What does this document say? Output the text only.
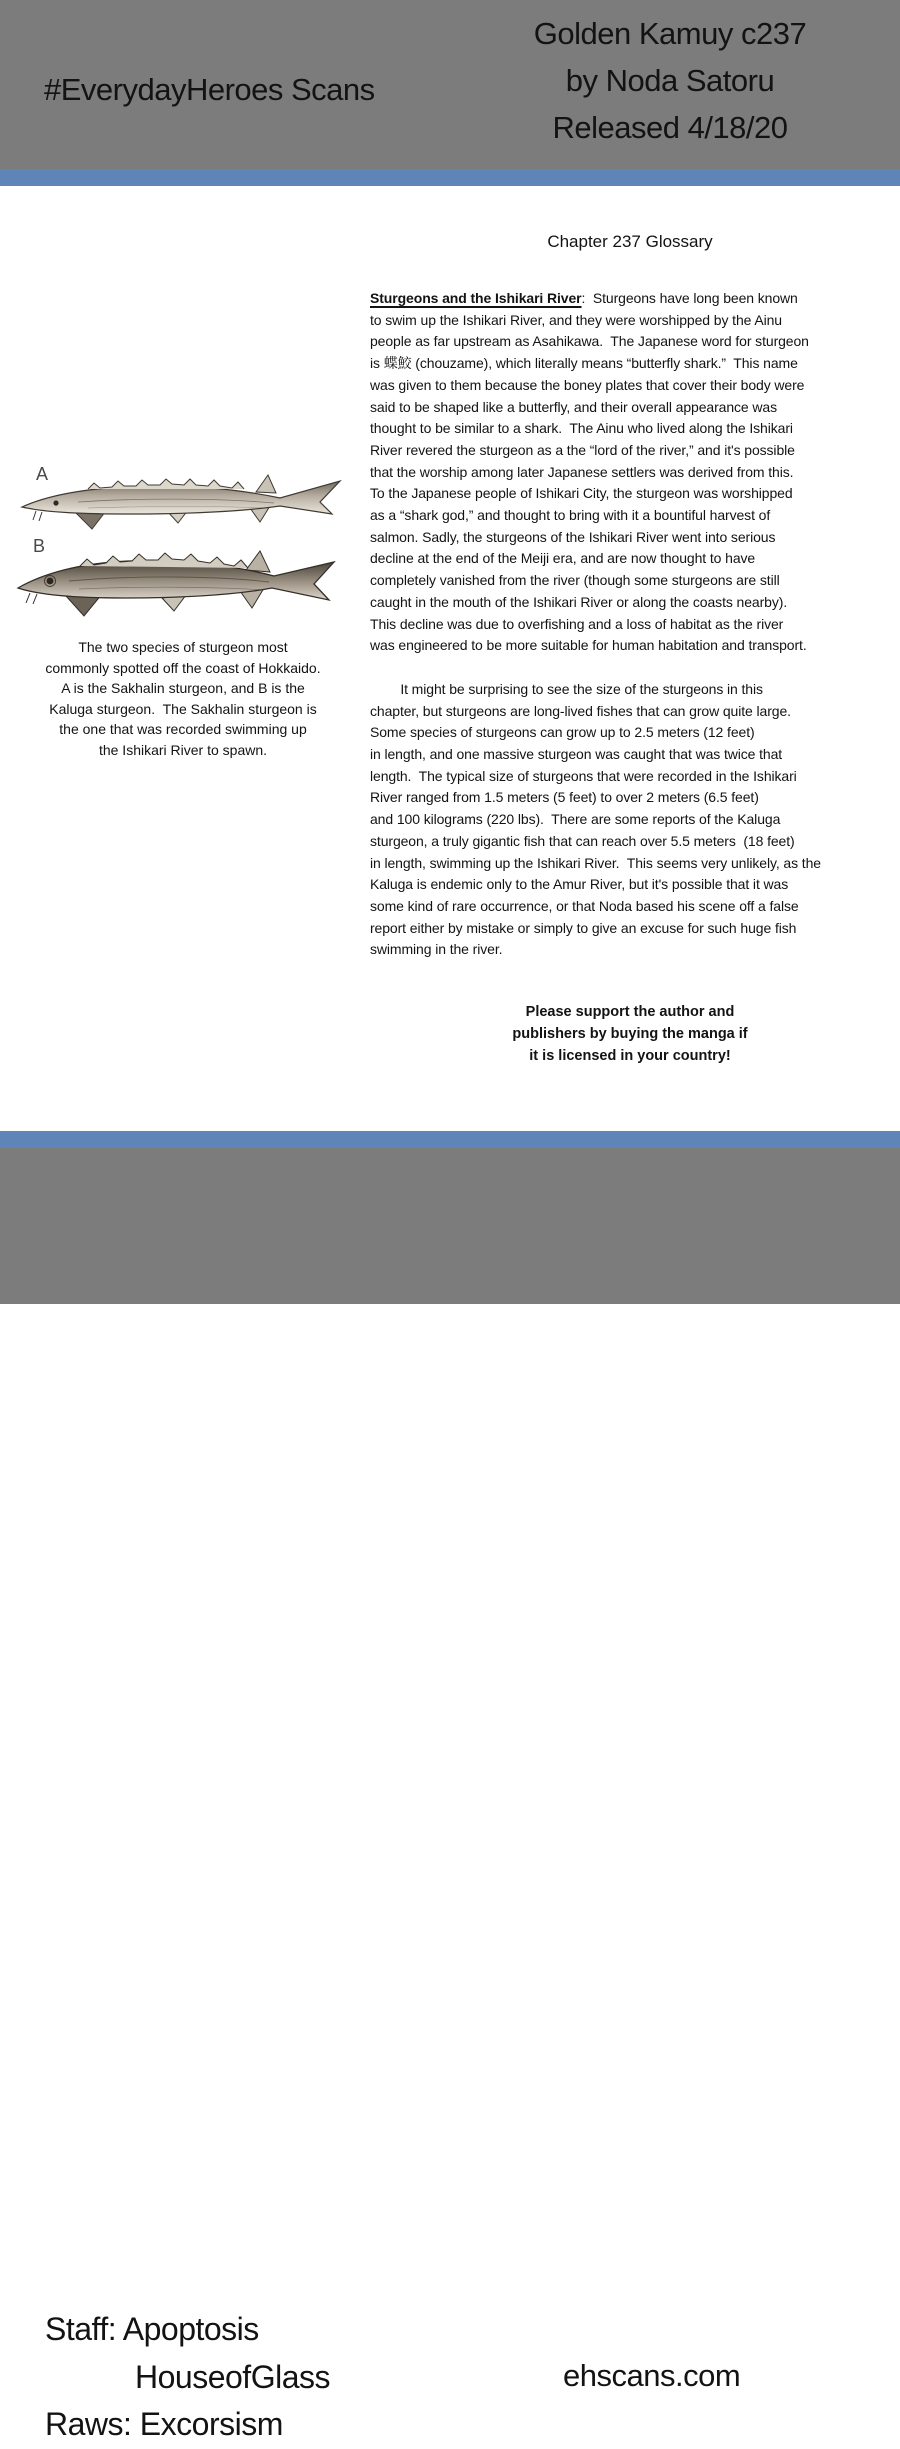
#EverydayHeroes Scans
Golden Kamuy c237
by Noda Satoru
Released 4/18/20
Chapter 237 Glossary
A
B
The two species of sturgeon most
commonly spotted off the coast of Hokkaido.
A is the Sakhalin sturgeon, and B is the
Kaluga sturgeon.  The Sakhalin sturgeon is
the one that was recorded swimming up
the Ishikari River to spawn.
Sturgeons and the Ishikari River:  Sturgeons have long been known
to swim up the Ishikari River, and they were worshipped by the Ainu
people as far upstream as Asahikawa.  The Japanese word for sturgeon
is 蝶鮫 (chouzame), which literally means “butterfly shark.”  This name
was given to them because the boney plates that cover their body were
said to be shaped like a butterfly, and their overall appearance was
thought to be similar to a shark.  The Ainu who lived along the Ishikari
River revered the sturgeon as a the “lord of the river,” and it's possible
that the worship among later Japanese settlers was derived from this.
To the Japanese people of Ishikari City, the sturgeon was worshipped
as a “shark god,” and thought to bring with it a bountiful harvest of
salmon. Sadly, the sturgeons of the Ishikari River went into serious
decline at the end of the Meiji era, and are now thought to have
completely vanished from the river (though some sturgeons are still
caught in the mouth of the Ishikari River or along the coasts nearby).
This decline was due to overfishing and a loss of habitat as the river
was engineered to be more suitable for human habitation and transport.
It might be surprising to see the size of the sturgeons in this
chapter, but sturgeons are long-lived fishes that can grow quite large.
Some species of sturgeons can grow up to 2.5 meters (12 feet)
in length, and one massive sturgeon was caught that was twice that
length.  The typical size of sturgeons that were recorded in the Ishikari
River ranged from 1.5 meters (5 feet) to over 2 meters (6.5 feet)
and 100 kilograms (220 lbs).  There are some reports of the Kaluga
sturgeon, a truly gigantic fish that can reach over 5.5 meters  (18 feet)
in length, swimming up the Ishikari River.  This seems very unlikely, as the
Kaluga is endemic only to the Amur River, but it's possible that it was
some kind of rare occurrence, or that Noda based his scene off a false
report either by mistake or simply to give an excuse for such huge fish
swimming in the river.
Please support the author and
publishers by buying the manga if
it is licensed in your country!
Staff: Apoptosis
HouseofGlass
Raws: Excorsism
ehscans.com
